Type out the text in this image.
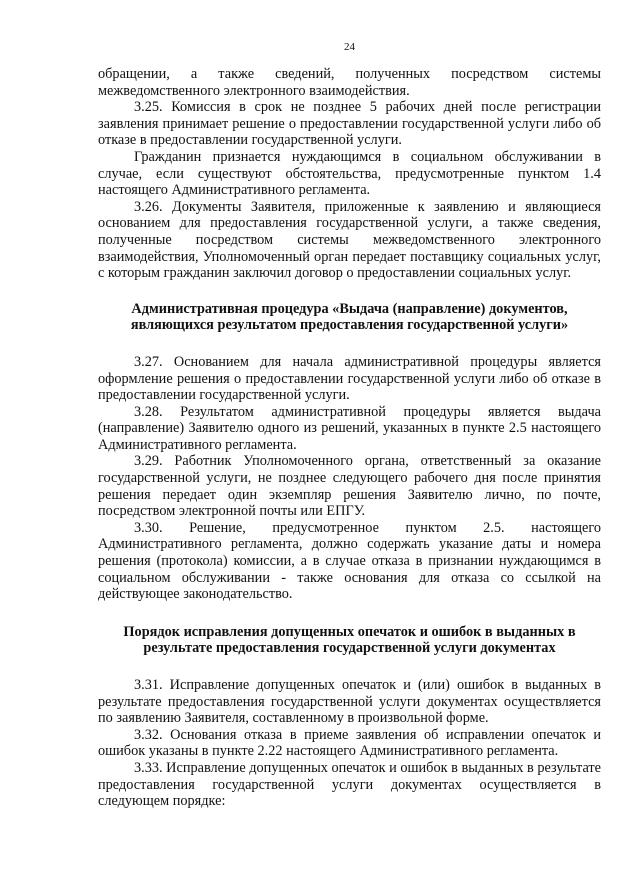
24

обращении, а также сведений, полученных посредством системы межведомственного электронного взаимодействия.

3.25. Комиссия в срок не позднее 5 рабочих дней после регистрации заявления принимает решение о предоставлении государственной услуги либо об отказе в предоставлении государственной услуги.

Гражданин признается нуждающимся в социальном обслуживании в случае, если существуют обстоятельства, предусмотренные пунктом 1.4 настоящего Административного регламента.

3.26. Документы Заявителя, приложенные к заявлению и являющиеся основанием для предоставления государственной услуги, а также сведения, полученные посредством системы межведомственного электронного взаимодействия, Уполномоченный орган передает поставщику социальных услуг, с которым гражданин заключил договор о предоставлении социальных услуг.

Административная процедура «Выдача (направление) документов, являющихся результатом предоставления государственной услуги»

3.27. Основанием для начала административной процедуры является оформление решения о предоставлении государственной услуги либо об отказе в предоставлении государственной услуги.

3.28. Результатом административной процедуры является выдача (направление) Заявителю одного из решений, указанных в пункте 2.5 настоящего Административного регламента.

3.29. Работник Уполномоченного органа, ответственный за оказание государственной услуги, не позднее следующего рабочего дня после принятия решения передает один экземпляр решения Заявителю лично, по почте, посредством электронной почты или ЕПГУ.

3.30. Решение, предусмотренное пунктом 2.5. настоящего Административного регламента, должно содержать указание даты и номера решения (протокола) комиссии, а в случае отказа в признании нуждающимся в социальном обслуживании - также основания для отказа со ссылкой на действующее законодательство.

Порядок исправления допущенных опечаток и ошибок в выданных в результате предоставления государственной услуги документах

3.31. Исправление допущенных опечаток и (или) ошибок в выданных в результате предоставления государственной услуги документах осуществляется по заявлению Заявителя, составленному в произвольной форме.

3.32. Основания отказа в приеме заявления об исправлении опечаток и ошибок указаны в пункте 2.22 настоящего Административного регламента.

3.33. Исправление допущенных опечаток и ошибок в выданных в результате предоставления государственной услуги документах осуществляется в следующем порядке:
